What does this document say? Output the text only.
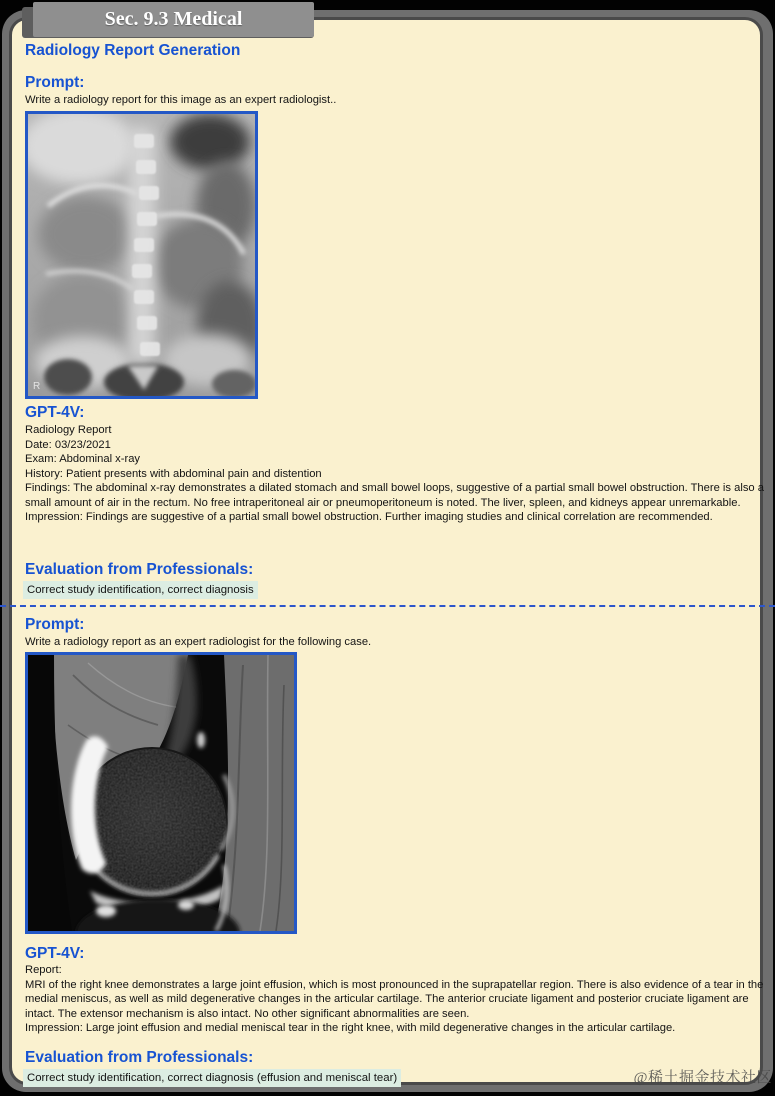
Sec. 9.3 Medical
Radiology Report Generation
Prompt:
Write a radiology report for this image as an expert radiologist..
R
GPT-4V:
Radiology Report
Date: 03/23/2021
Exam: Abdominal x-ray
History: Patient presents with abdominal pain and distention
Findings: The abdominal x-ray demonstrates a dilated stomach and small bowel loops, suggestive of a partial small bowel obstruction. There is also a small amount of air in the rectum. No free intraperitoneal air or pneumoperitoneum is noted. The liver, spleen, and kidneys appear unremarkable.
Impression: Findings are suggestive of a partial small bowel obstruction. Further imaging studies and clinical correlation are recommended.
Evaluation from Professionals:
Correct study identification, correct diagnosis
Prompt:
Write a radiology report as an expert radiologist for the following case.
GPT-4V:
Report:
MRI of the right knee demonstrates a large joint effusion, which is most pronounced in the suprapatellar region. There is also evidence of a tear in the medial meniscus, as well as mild degenerative changes in the articular cartilage. The anterior cruciate ligament and posterior cruciate ligament are intact. The extensor mechanism is also intact. No other significant abnormalities are seen.
Impression: Large joint effusion and medial meniscal tear in the right knee, with mild degenerative changes in the articular cartilage.
Evaluation from Professionals:
Correct study identification, correct diagnosis (effusion and meniscal tear)	@稀土掘金技术社区
